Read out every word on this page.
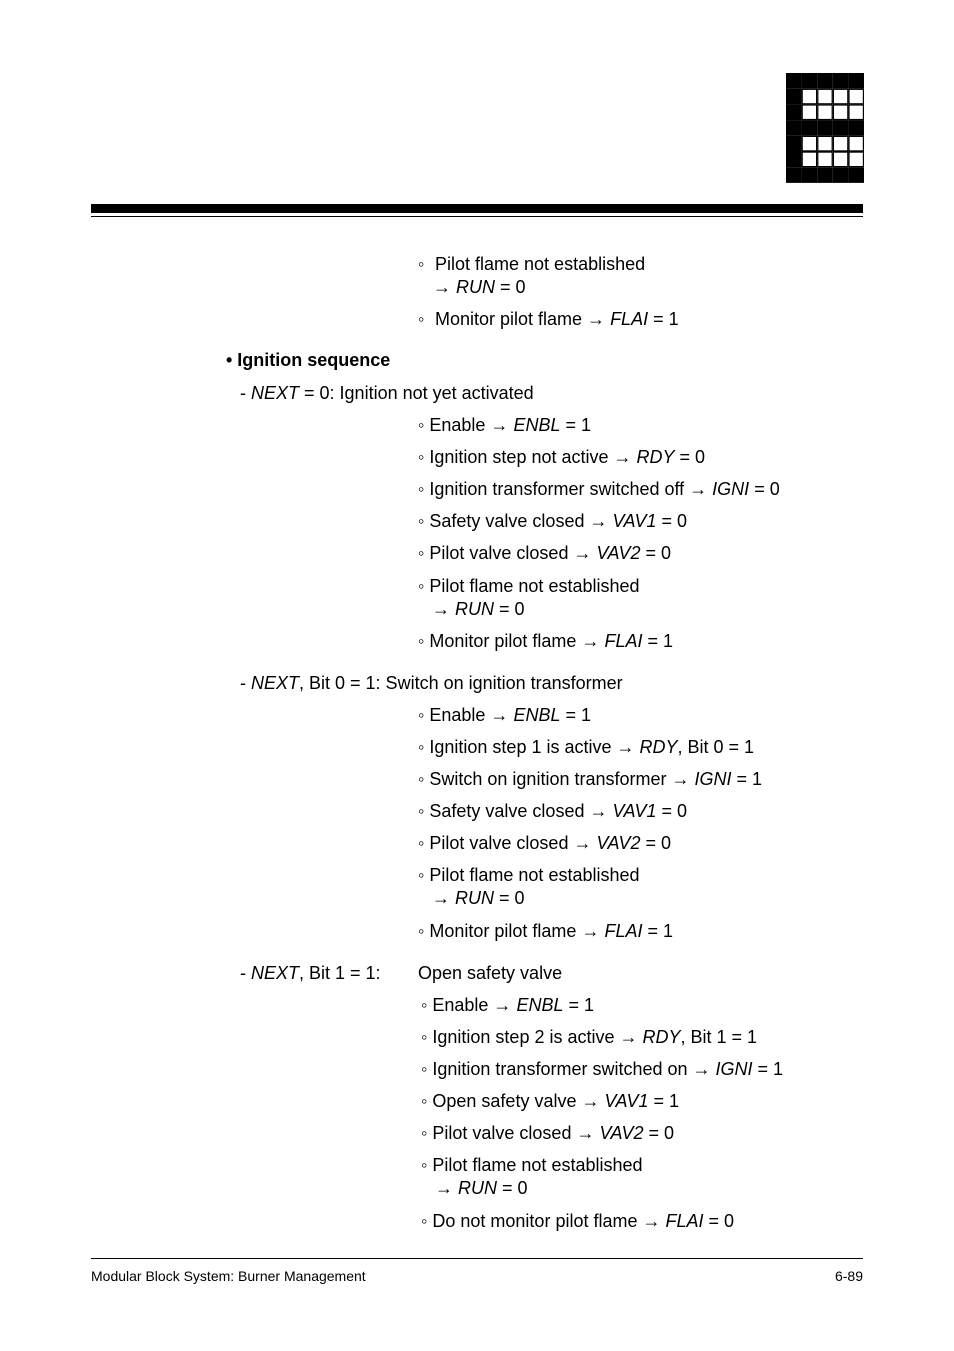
◦ Pilot flame not established
→ RUN = 0
◦ Monitor pilot flame → FLAI = 1
• Ignition sequence
- NEXT = 0: Ignition not yet activated
◦ Enable → ENBL = 1
◦ Ignition step not active → RDY = 0
◦ Ignition transformer switched off → IGNI = 0
◦ Safety valve closed → VAV1 = 0
◦ Pilot valve closed → VAV2 = 0
◦ Pilot flame not established
→ RUN = 0
◦ Monitor pilot flame → FLAI = 1
- NEXT, Bit 0 = 1: Switch on ignition transformer
◦ Enable → ENBL = 1
◦ Ignition step 1 is active → RDY, Bit 0 = 1
◦ Switch on ignition transformer → IGNI = 1
◦ Safety valve closed → VAV1 = 0
◦ Pilot valve closed → VAV2 = 0
◦ Pilot flame not established
→ RUN = 0
◦ Monitor pilot flame → FLAI = 1
- NEXT, Bit 1 = 1: Open safety valve
◦ Enable → ENBL = 1
◦ Ignition step 2 is active → RDY, Bit 1 = 1
◦ Ignition transformer switched on → IGNI = 1
◦ Open safety valve → VAV1 = 1
◦ Pilot valve closed → VAV2 = 0
◦ Pilot flame not established
→ RUN = 0
◦ Do not monitor pilot flame → FLAI = 0
Modular Block System: Burner Management	6-89
